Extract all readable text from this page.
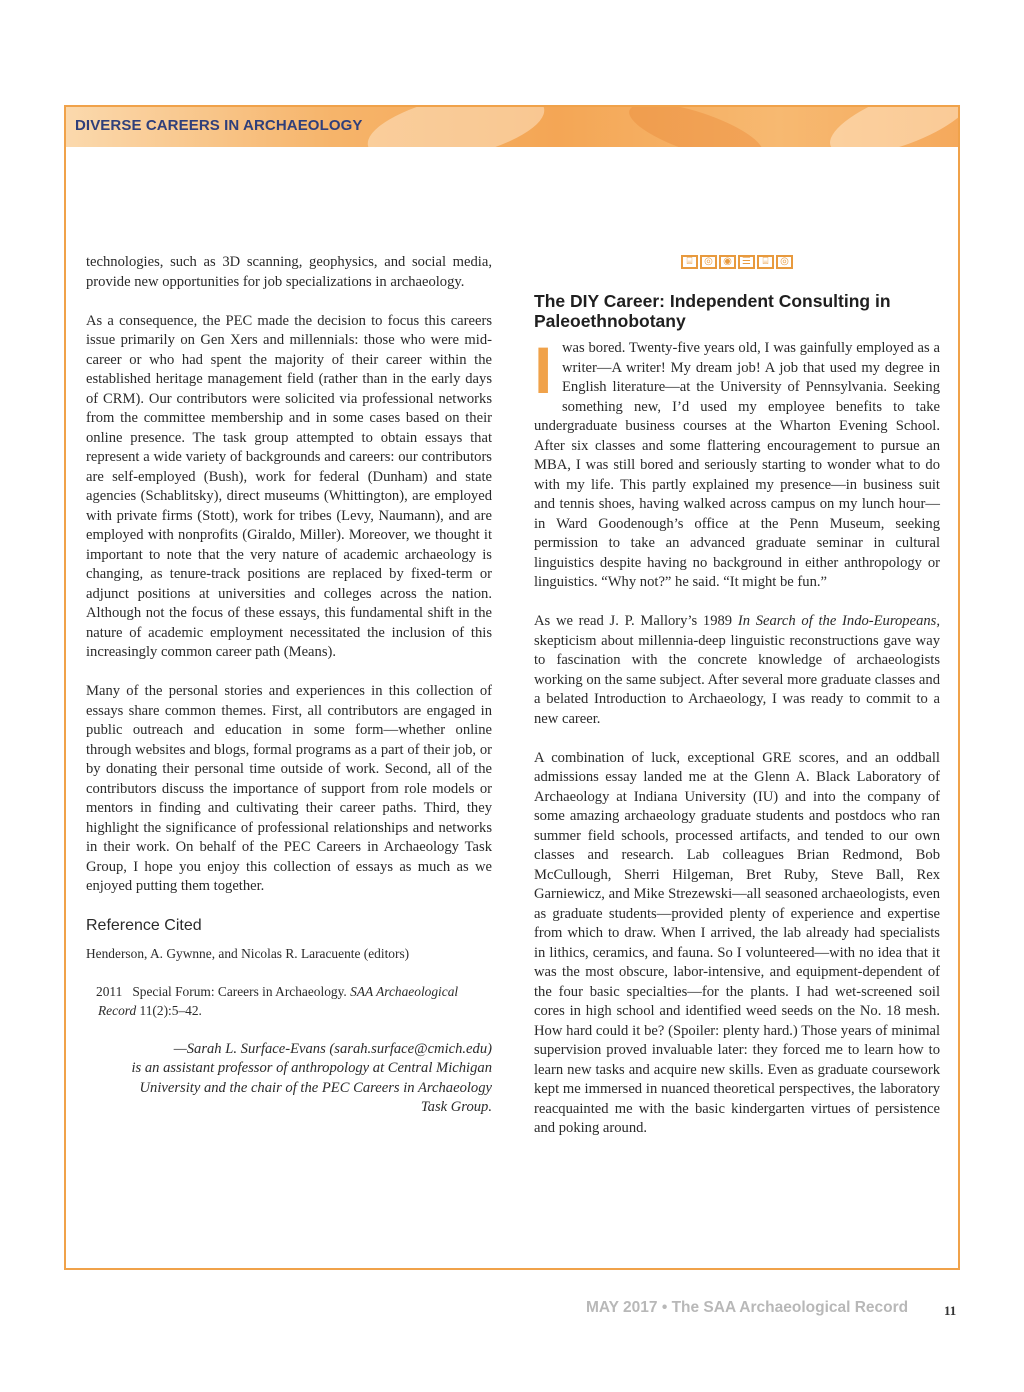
DIVERSE CAREERS IN ARCHAEOLOGY

technologies, such as 3D scanning, geophysics, and social media, provide new opportunities for job specializations in archaeology.

As a consequence, the PEC made the decision to focus this careers issue primarily on Gen Xers and millennials: those who were mid-career or who had spent the majority of their career within the established heritage management field (rather than in the early days of CRM). Our contributors were solicited via professional networks from the committee membership and in some cases based on their online presence. The task group attempted to obtain essays that represent a wide variety of backgrounds and careers: our contributors are self-employed (Bush), work for federal (Dunham) and state agencies (Schablitsky), direct museums (Whittington), are employed with private firms (Stott), work for tribes (Levy, Naumann), and are employed with nonprofits (Giraldo, Miller). Moreover, we thought it important to note that the very nature of academic archaeology is changing, as tenure-track positions are replaced by fixed-term or adjunct positions at universities and colleges across the nation. Although not the focus of these essays, this fundamental shift in the nature of academic employment necessitated the inclusion of this increasingly common career path (Means).

Many of the personal stories and experiences in this collection of essays share common themes. First, all contributors are engaged in public outreach and education in some form—whether online through websites and blogs, formal programs as a part of their job, or by donating their personal time outside of work. Second, all of the contributors discuss the importance of support from role models or mentors in finding and cultivating their career paths. Third, they highlight the significance of professional relationships and networks in their work. On behalf of the PEC Careers in Archaeology Task Group, I hope you enjoy this collection of essays as much as we enjoyed putting them together.

Reference Cited

Henderson, A. Gywnne, and Nicolas R. Laracuente (editors)

2011 Special Forum: Careers in Archaeology. SAA Archaeological Record 11(2):5–42.

—Sarah L. Surface-Evans (sarah.surface@cmich.edu)
is an assistant professor of anthropology at Central Michigan
University and the chair of the PEC Careers in Archaeology
Task Group.
⌸	◎	◉	☰	⌸	◎
The DIY Career: Independent Consulting in Paleoethnobotany

I was bored. Twenty-five years old, I was gainfully employed as a writer—A writer! My dream job! A job that used my degree in English literature—at the University of Pennsylvania. Seeking something new, I’d used my employee benefits to take undergraduate business courses at the Wharton Evening School. After six classes and some flattering encouragement to pursue an MBA, I was still bored and seriously starting to wonder what to do with my life. This partly explained my presence—in business suit and tennis shoes, having walked across campus on my lunch hour—in Ward Goodenough’s office at the Penn Museum, seeking permission to take an advanced graduate seminar in cultural linguistics despite having no background in either anthropology or linguistics. “Why not?” he said. “It might be fun.”

As we read J. P. Mallory’s 1989 In Search of the Indo-Europeans, skepticism about millennia-deep linguistic reconstructions gave way to fascination with the concrete knowledge of archaeologists working on the same subject. After several more graduate classes and a belated Introduction to Archaeology, I was ready to commit to a new career.

A combination of luck, exceptional GRE scores, and an oddball admissions essay landed me at the Glenn A. Black Laboratory of Archaeology at Indiana University (IU) and into the company of some amazing archaeology graduate students and postdocs who ran summer field schools, processed artifacts, and tended to our own classes and research. Lab colleagues Brian Redmond, Bob McCullough, Sherri Hilgeman, Bret Ruby, Steve Ball, Rex Garniewicz, and Mike Strezewski—all seasoned archaeologists, even as graduate students—provided plenty of experience and expertise from which to draw. When I arrived, the lab already had specialists in lithics, ceramics, and fauna. So I volunteered—with no idea that it was the most obscure, labor-intensive, and equipment-dependent of the four basic specialties—for the plants. I had wet-screened soil cores in high school and identified weed seeds on the No. 18 mesh. How hard could it be? (Spoiler: plenty hard.) Those years of minimal supervision proved invaluable later: they forced me to learn how to learn new tasks and acquire new skills. Even as graduate coursework kept me immersed in nuanced theoretical perspectives, the laboratory reacquainted me with the basic kindergarten virtues of persistence and poking around.

MAY 2017 • The SAA Archaeological Record	11
